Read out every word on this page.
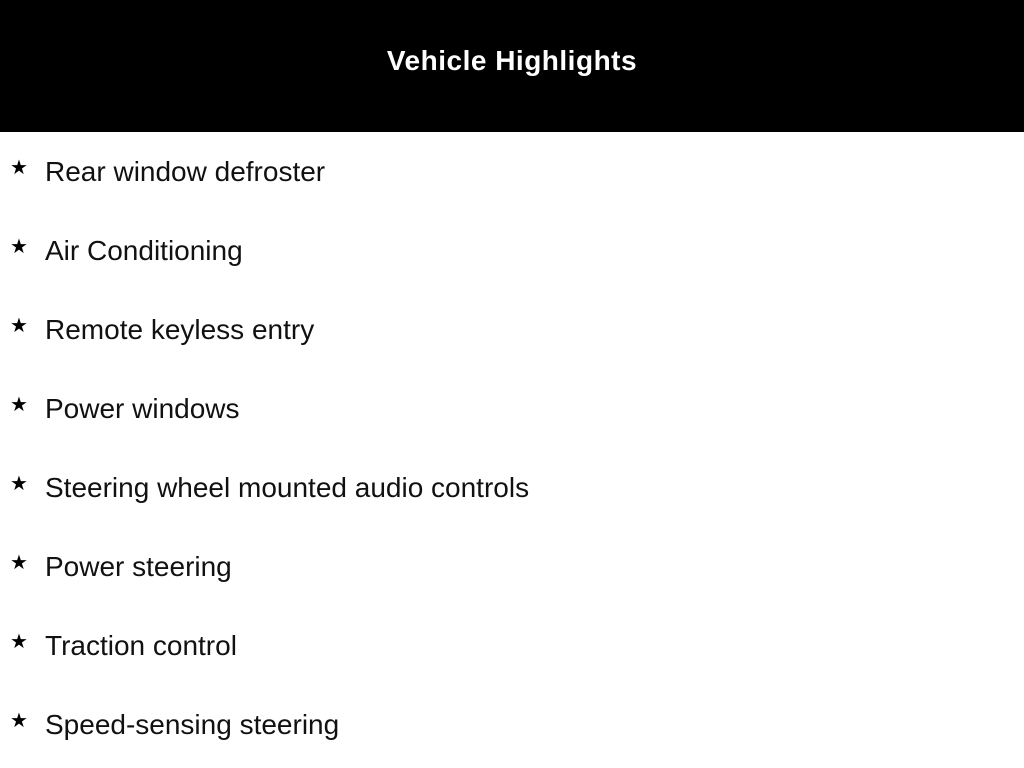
Vehicle Highlights
★ Rear window defroster
★ Air Conditioning
★ Remote keyless entry
★ Power windows
★ Steering wheel mounted audio controls
★ Power steering
★ Traction control
★ Speed-sensing steering
